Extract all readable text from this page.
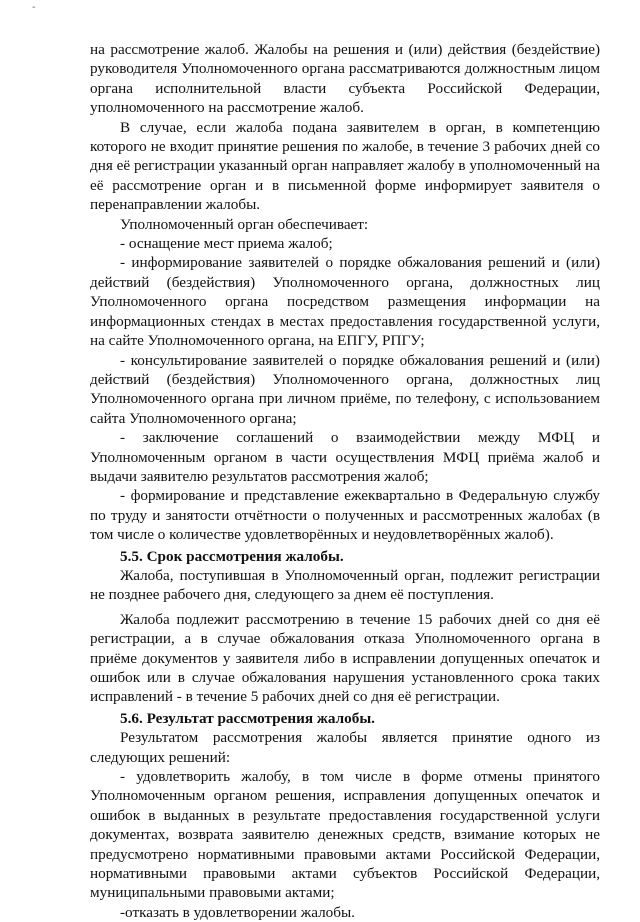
-

на рассмотрение жалоб. Жалобы на решения и (или) действия (бездействие) руководителя Уполномоченного органа рассматриваются должностным лицом органа исполнительной власти субъекта Российской Федерации, уполномоченного на рассмотрение жалоб.

В случае, если жалоба подана заявителем в орган, в компетенцию которого не входит принятие решения по жалобе, в течение 3 рабочих дней со дня её регистрации указанный орган направляет жалобу в уполномоченный на её рассмотрение орган и в письменной форме информирует заявителя о перенаправлении жалобы.

Уполномоченный орган обеспечивает:

- оснащение мест приема жалоб;

- информирование заявителей о порядке обжалования решений и (или) действий (бездействия) Уполномоченного органа, должностных лиц Уполномоченного органа посредством размещения информации на информационных стендах в местах предоставления государственной услуги, на сайте Уполномоченного органа, на ЕПГУ, РПГУ;

- консультирование заявителей о порядке обжалования решений и (или) действий (бездействия) Уполномоченного органа, должностных лиц Уполномоченного органа при личном приёме, по телефону, с использованием сайта Уполномоченного органа;

- заключение соглашений о взаимодействии между МФЦ и Уполномоченным органом в части осуществления МФЦ приёма жалоб и выдачи заявителю результатов рассмотрения жалоб;

- формирование и представление ежеквартально в Федеральную службу по труду и занятости отчётности о полученных и рассмотренных жалобах (в том числе о количестве удовлетворённых и неудовлетворённых жалоб).

5.5. Срок рассмотрения жалобы.

Жалоба, поступившая в Уполномоченный орган, подлежит регистрации не позднее рабочего дня, следующего за днем её поступления.

Жалоба подлежит рассмотрению в течение 15 рабочих дней со дня её регистрации, а в случае обжалования отказа Уполномоченного органа в приёме документов у заявителя либо в исправлении допущенных опечаток и ошибок или в случае обжалования нарушения установленного срока таких исправлений - в течение 5 рабочих дней со дня её регистрации.

5.6. Результат рассмотрения жалобы.

Результатом рассмотрения жалобы является принятие одного из следующих решений:

- удовлетворить жалобу, в том числе в форме отмены принятого Уполномоченным органом решения, исправления допущенных опечаток и ошибок в выданных в результате предоставления государственной услуги документах, возврата заявителю денежных средств, взимание которых не предусмотрено нормативными правовыми актами Российской Федерации, нормативными правовыми актами субъектов Российской Федерации, муниципальными правовыми актами;

-отказать в удовлетворении жалобы.
